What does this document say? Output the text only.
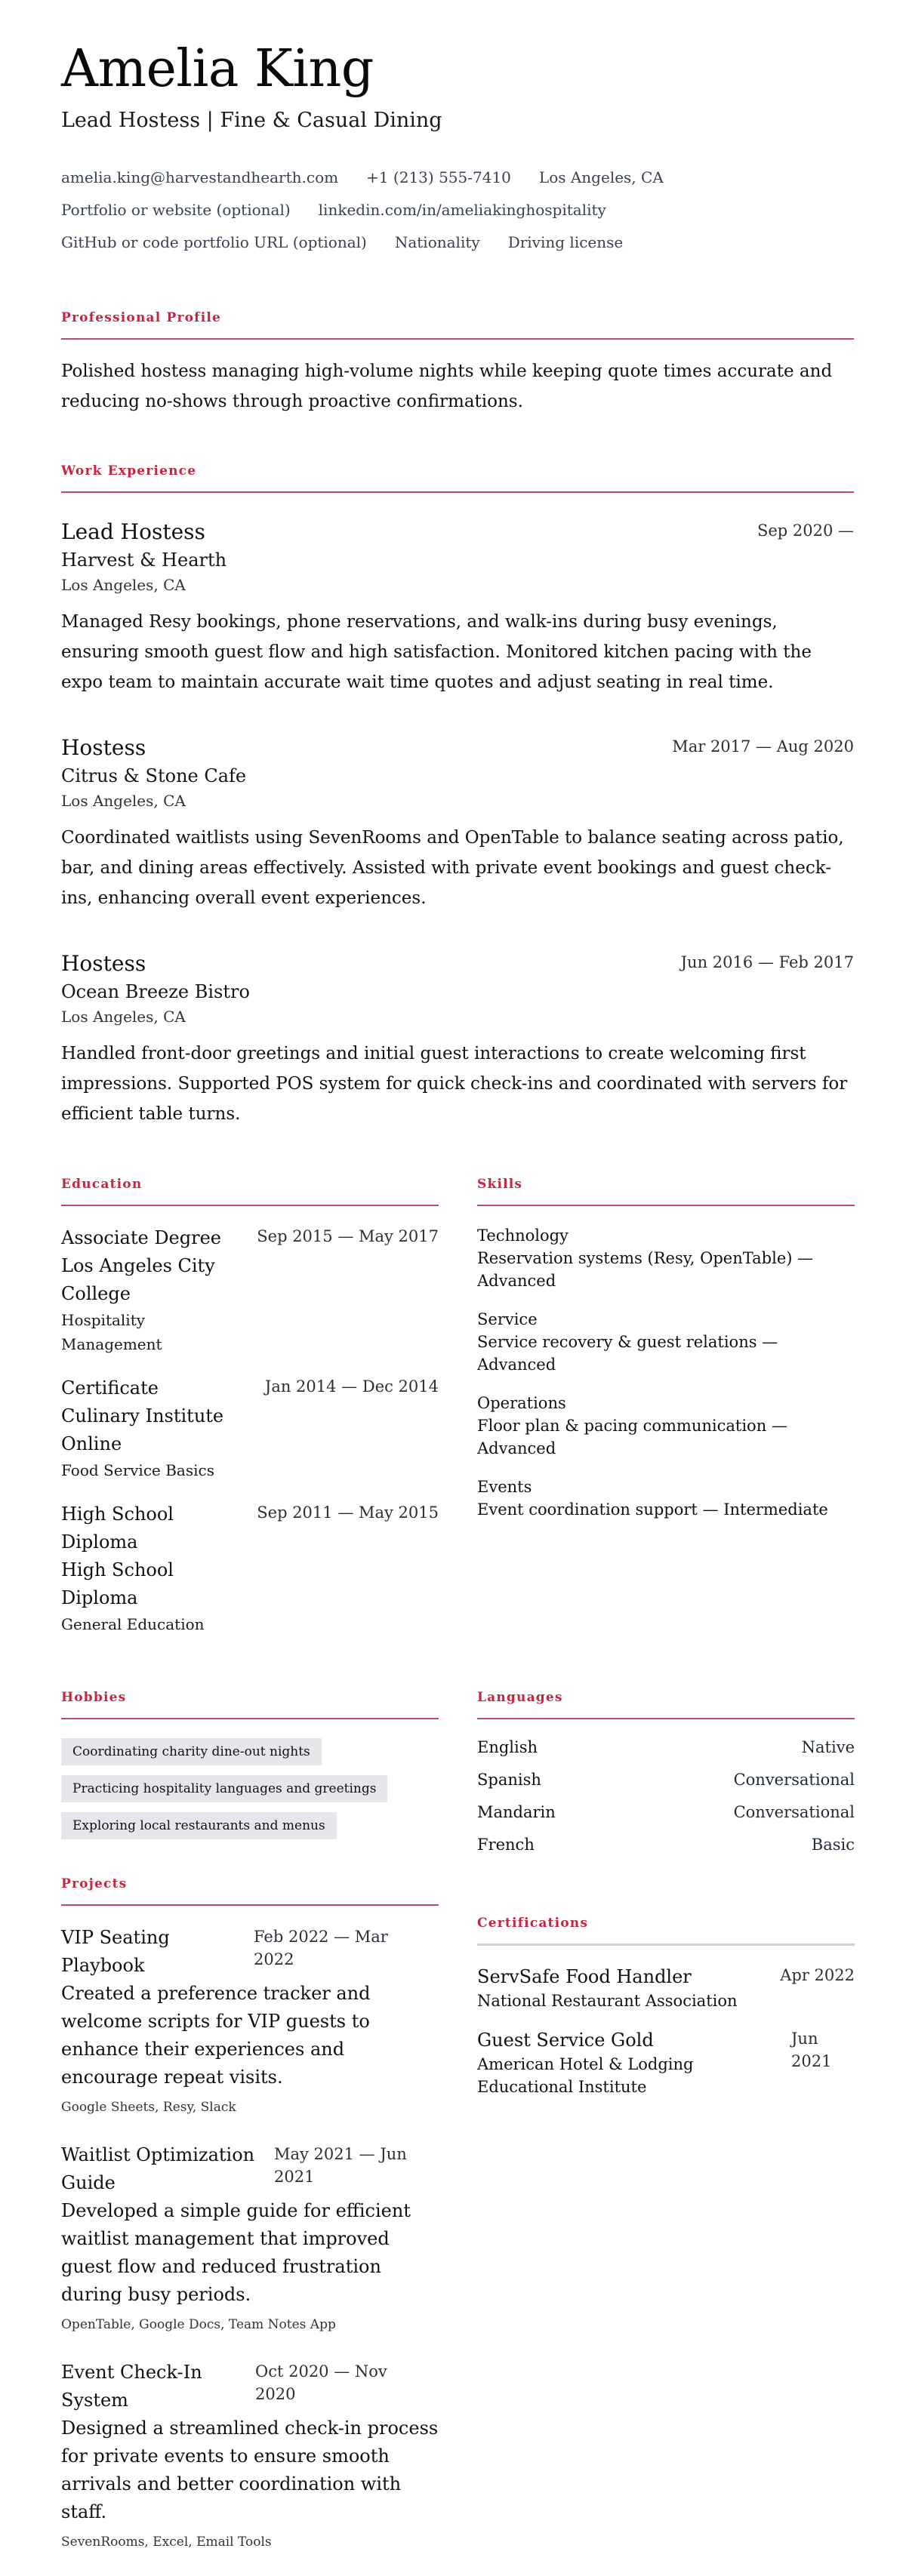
Amelia King
Lead Hostess | Fine & Casual Dining
amelia.king@harvestandhearth.com +1 (213) 555-7410 Los Angeles, CA
Portfolio or website (optional) linkedin.com/in/ameliakinghospitality
GitHub or code portfolio URL (optional) Nationality Driving license
Professional Profile

Polished hostess managing high-volume nights while keeping quote times accurate and reducing no-shows through proactive confirmations.

Work Experience
Lead Hostess	Sep 2020 —
Harvest & Hearth
Los Angeles, CA

Managed Resy bookings, phone reservations, and walk-ins during busy evenings, ensuring smooth guest flow and high satisfaction. Monitored kitchen pacing with the expo team to maintain accurate wait time quotes and adjust seating in real time.

Hostess	Mar 2017 — Aug 2020
Citrus & Stone Cafe
Los Angeles, CA

Coordinated waitlists using SevenRooms and OpenTable to balance seating across patio, bar, and dining areas effectively. Assisted with private event bookings and guest check-ins, enhancing overall event experiences.

Hostess	Jun 2016 — Feb 2017
Ocean Breeze Bistro
Los Angeles, CA

Handled front-door greetings and initial guest interactions to create welcoming first impressions. Supported POS system for quick check-ins and coordinated with servers for efficient table turns.

Education
Associate Degree
Los Angeles City College
Hospitality Management
Sep 2015 — May 2017
Certificate
Culinary Institute Online
Food Service Basics
Jan 2014 — Dec 2014
High School Diploma
High School Diploma
General Education
Sep 2011 — May 2015
Skills
Technology
Reservation systems (Resy, OpenTable) — Advanced
Service
Service recovery & guest relations — Advanced
Operations
Floor plan & pacing communication — Advanced
Events
Event coordination support — Intermediate
Hobbies
Coordinating charity dine-out nights
Practicing hospitality languages and greetings
Exploring local restaurants and menus
Languages
English	Native
Spanish	Conversational
Mandarin	Conversational
French	Basic
Projects
VIP Seating Playbook
Feb 2022 — Mar 2022

Created a preference tracker and welcome scripts for VIP guests to enhance their experiences and encourage repeat visits.

Google Sheets, Resy, Slack
Waitlist Optimization Guide
May 2021 — Jun 2021

Developed a simple guide for efficient waitlist management that improved guest flow and reduced frustration during busy periods.

OpenTable, Google Docs, Team Notes App
Event Check-In System
Oct 2020 — Nov 2020

Designed a streamlined check-in process for private events to ensure smooth arrivals and better coordination with staff.

SevenRooms, Excel, Email Tools
Certifications
ServSafe Food Handler
National Restaurant Association
Apr 2022
Guest Service Gold
American Hotel & Lodging Educational Institute
Jun 2021
